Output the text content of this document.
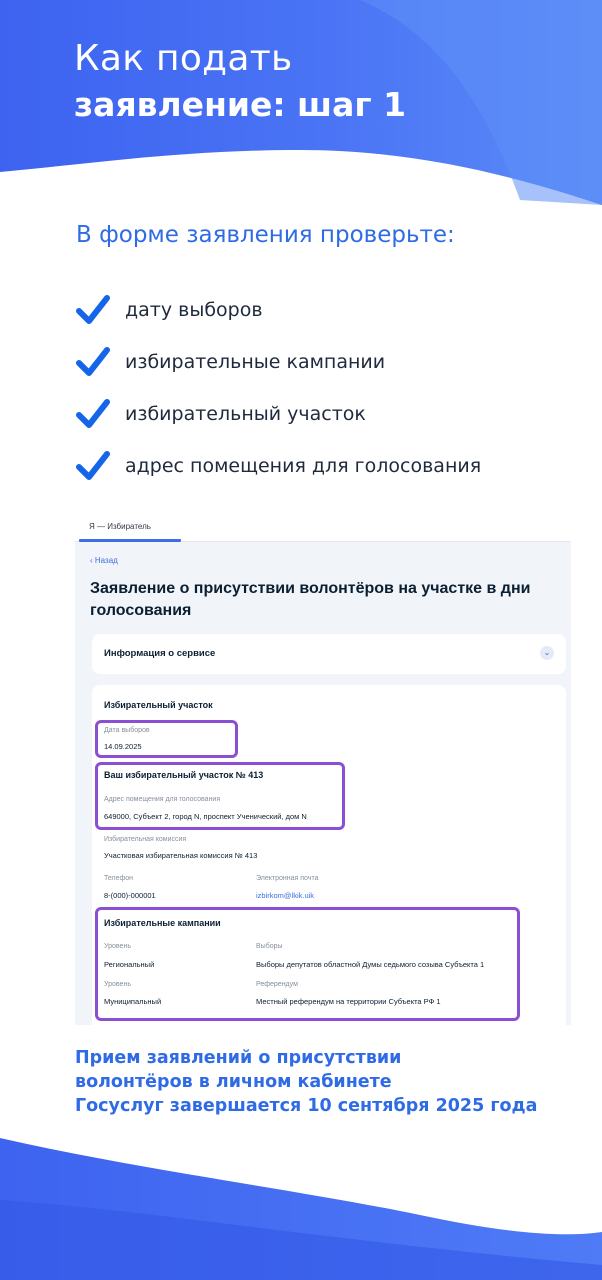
Как подать
заявление: шаг 1
В форме заявления проверьте:
дату выборов
избирательные кампании
избирательный участок
адрес помещения для голосования
Я — Избиратель
‹ Назад
Заявление о присутствии волонтёров на участке в дни голосования
Информация о сервисе	⌄
Избирательный участок
Дата выборов
14.09.2025
Ваш избирательный участок № 413
Адрес помещения для голосования
649000, Субъект 2, город N, проспект Ученический, дом N
Избирательная комиссия
Участковая избирательная комиссия № 413
Телефон
8-(000)-000001
Электронная почта
izbirkom@lkik.uik
Избирательные кампании
Уровень
Региональный
Выборы
Выборы депутатов областной Думы седьмого созыва Субъекта 1
Уровень
Муниципальный
Референдум
Местный референдум на территории Субъекта РФ 1
Прием заявлений о присутствии
волонтёров в личном кабинете
Госуслуг завершается 10 сентября 2025 года
